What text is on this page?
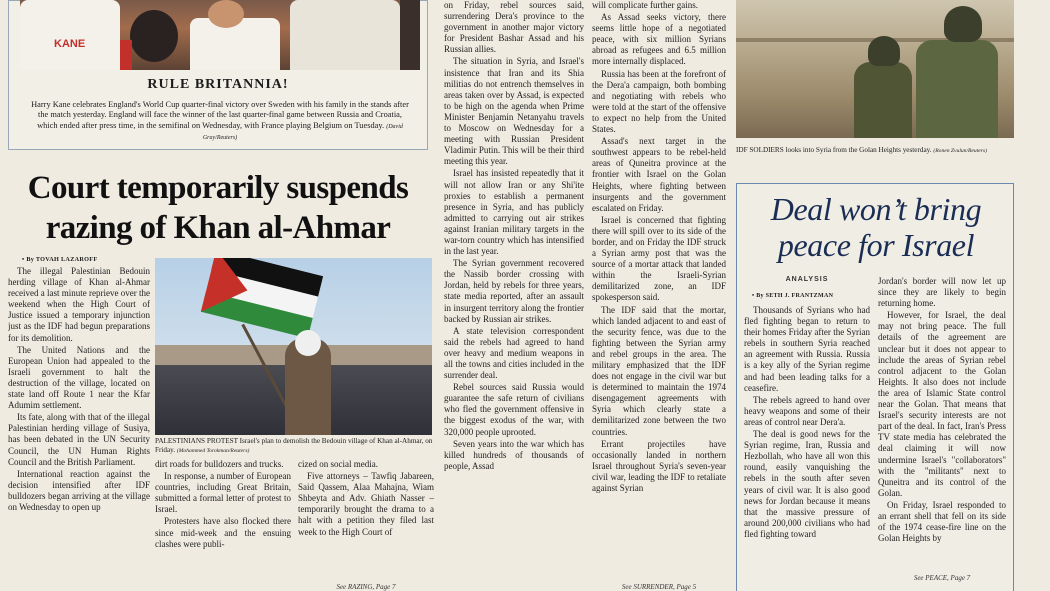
KANE
RULE BRITANNIA!
Harry Kane celebrates England's World Cup quarter-final victory over Sweden with his family in the stands after the match yesterday. England will face the winner of the last quarter-final game between Russia and Croatia, which ended after press time, in the semifinal on Wednesday, with France playing Belgium on Tuesday. (David Gray/Reuters)
Court temporarily suspends razing of Khan al-Ahmar
• By TOVAH LAZAROFF

The illegal Palestinian Bedouin herding village of Khan al-Ahmar received a last minute reprieve over the weekend when the High Court of Justice issued a temporary injunction just as the IDF had begun preparations for its demolition.

The United Nations and the European Union had appealed to the Israeli government to halt the destruction of the village, located on state land off Route 1 near the Kfar Adumim settlement.

Its fate, along with that of the illegal Palestinian herding village of Susiya, has been debated in the UN Security Council, the UN Human Rights Council and the British Parliament.

International reaction against the decision intensified after IDF bulldozers began arriving at the village on Wednesday to open up

PALESTINIANS PROTEST Israel's plan to demolish the Bedouin village of Khan al-Ahmar, on Friday. (Mohammed Torokman/Reuters)

dirt roads for bulldozers and trucks.

In response, a number of European countries, including Great Britain, submitted a formal letter of protest to Israel.

Protesters have also flocked there since mid-week and the ensuing clashes were publi-

cized on social media.

Five attorneys – Tawfiq Jabareen, Said Qassem, Alaa Mahajna, Wiam Shbeyta and Adv. Ghiath Nasser – temporarily brought the drama to a halt with a petition they filed last week to the High Court of

See RAZING, Page 7

on Friday, rebel sources said, surrendering Dera's province to the government in another major victory for President Bashar Assad and his Russian allies.

The situation in Syria, and Israel's insistence that Iran and its Shia militias do not entrench themselves in areas taken over by Assad, is expected to be high on the agenda when Prime Minister Benjamin Netanyahu travels to Moscow on Wednesday for a meeting with Russian President Vladimir Putin. This will be their third meeting this year.

Israel has insisted repeatedly that it will not allow Iran or any Shi'ite proxies to establish a permanent presence in Syria, and has publicly admitted to carrying out air strikes against Iranian military targets in the war-torn country which has intensified in the last year.

The Syrian government recovered the Nassib border crossing with Jordan, held by rebels for three years, state media reported, after an assault in insurgent territory along the frontier backed by Russian air strikes.

A state television correspondent said the rebels had agreed to hand over heavy and medium weapons in all the towns and cities included in the surrender deal.

Rebel sources said Russia would guarantee the safe return of civilians who fled the government offensive in the biggest exodus of the war, with 320,000 people uprooted.

Seven years into the war which has killed hundreds of thousands of people, Assad

will complicate further gains.

As Assad seeks victory, there seems little hope of a negotiated peace, with six million Syrians abroad as refugees and 6.5 million more internally displaced.

Russia has been at the forefront of the Dera'a campaign, both bombing and negotiating with rebels who were told at the start of the offensive to expect no help from the United States.

Assad's next target in the southwest appears to be rebel-held areas of Quneitra province at the frontier with Israel on the Golan Heights, where fighting between insurgents and the government escalated on Friday.

Israel is concerned that fighting there will spill over to its side of the border, and on Friday the IDF struck a Syrian army post that was the source of a mortar attack that landed within the Israeli-Syrian demilitarized zone, an IDF spokesperson said.

The IDF said that the mortar, which landed adjacent to and east of the security fence, was due to the fighting between the Syrian army and rebel groups in the area. The military emphasized that the IDF does not engage in the civil war but is determined to maintain the 1974 disengagement agreements with Syria which clearly state a demilitarized zone between the two countries.

Errant projectiles have occasionally landed in northern Israel throughout Syria's seven-year civil war, leading the IDF to retaliate against Syrian

See SURRENDER, Page 5
IDF SOLDIERS looks into Syria from the Golan Heights yesterday. (Ronen Zvulun/Reuters)
Deal won’t bring peace for Israel
ANALYSIS
• By SETH J. FRANTZMAN

Thousands of Syrians who had fled fighting began to return to their homes Friday after the Syrian rebels in southern Syria reached an agreement with Russia. Russia is a key ally of the Syrian regime and had been leading talks for a ceasefire.

The rebels agreed to hand over heavy weapons and some of their areas of control near Dera'a.

The deal is good news for the Syrian regime, Iran, Russia and Hezbollah, who have all won this round, easily vanquishing the rebels in the south after seven years of civil war. It is also good news for Jordan because it means that the massive pressure of around 200,000 civilians who had fled fighting toward

Jordan's border will now let up since they are likely to begin returning home.

However, for Israel, the deal may not bring peace. The full details of the agreement are unclear but it does not appear to include the areas of Syrian rebel control adjacent to the Golan Heights. It also does not include the area of Islamic State control near the Golan. That means that Israel's security interests are not part of the deal. In fact, Iran's Press TV state media has celebrated the deal claiming it will now undermine Israel's "collaborators" with the "militants" next to Quneitra and its control of the Golan.

On Friday, Israel responded to an errant shell that fell on its side of the 1974 cease-fire line on the Golan Heights by

See PEACE, Page 7
